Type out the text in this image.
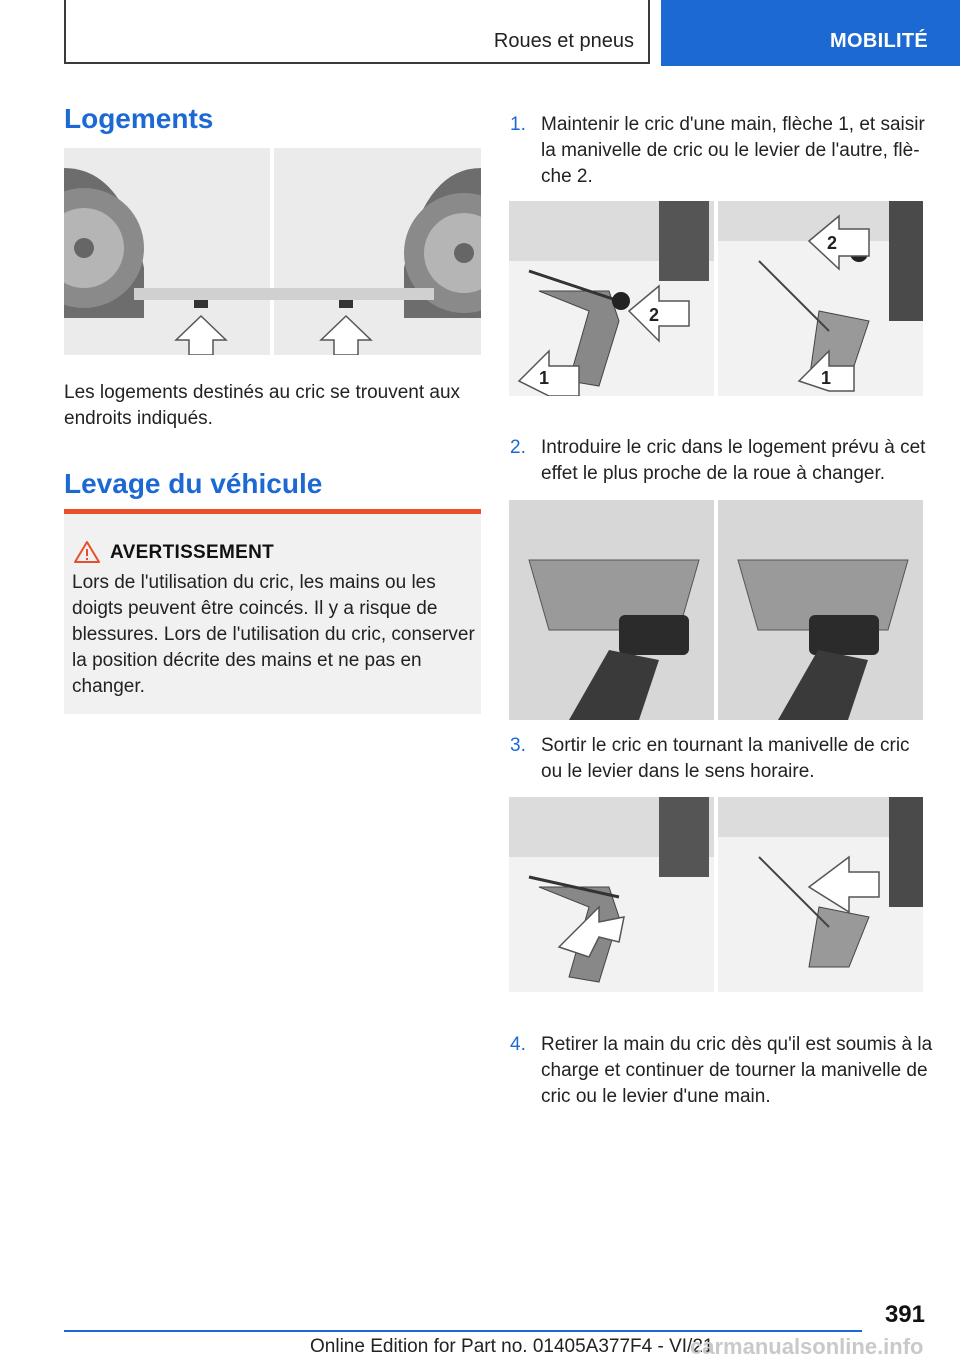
Roues et pneus	MOBILITÉ
Logements
Les logements destinés au cric se trouvent aux endroits indiqués.
Levage du véhicule
AVERTISSEMENT
Lors de l'utilisation du cric, les mains ou les doigts peuvent être coincés. Il y a risque de blessures. Lors de l'utilisation du cric, conserver la position décrite des mains et ne pas en changer.
1. Maintenir le cric d'une main, flèche 1, et saisir la manivelle de cric ou le levier de l'autre, flè-che 2.
1
2
1
2
2. Introduire le cric dans le logement prévu à cet effet le plus proche de la roue à changer.
3. Sortir le cric en tournant la manivelle de cric ou le levier dans le sens horaire.
4. Retirer la main du cric dès qu'il est soumis à la charge et continuer de tourner la manivelle de cric ou le levier d'une main.
391
Online Edition for Part no. 01405A377F4 - VI/21
carmanualsonline.info
